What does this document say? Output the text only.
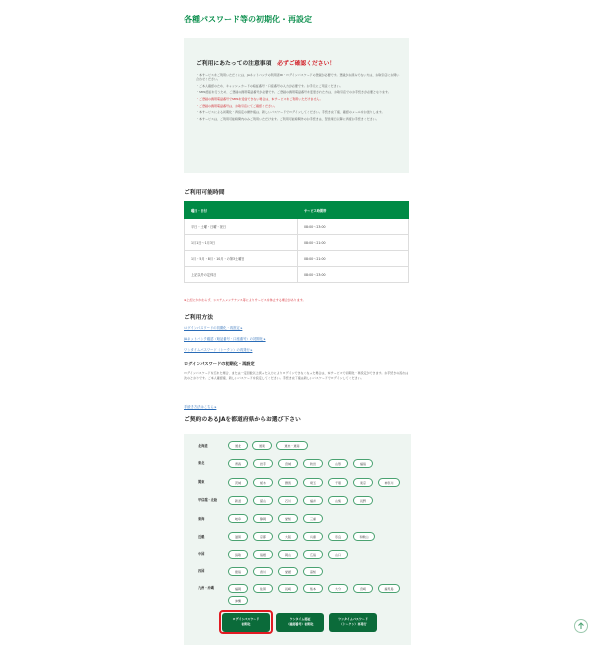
各種パスワード等の初期化・再設定
ご利用にあたっての注意事項　 必ずご確認ください！
・本サービスをご利用いただくには、JAネットバンクの利用者ID・ログインパスワードの登録が必要です。登録がお済みでない方は、お取引店にお問い合わせください。
・ご本人確認のため、キャッシュカードの暗証番号・口座番号の入力が必要です。お手元にご用意ください。
・SMS認証を行うため、ご登録の携帯電話番号が必要です。ご登録の携帯電話番号を変更された方は、お取引店でのお手続きが必要となります。
・ご登録の携帯電話番号でSMSを受信できない場合は、本サービスをご利用いただけません。
・ご登録の携帯電話番号は、お取引店にてご確認ください。
・本サービスによる初期化・再設定の操作後は、新しいパスワードでログインしてください。手続き完了後、確認のメールをお送りします。
・本サービスは、ご利用可能時間内のみご利用いただけます。ご利用可能時間外のお手続きは、翌営業日以降に再度お手続きください。
ご利用可能時間
曜日・日付	サービス時間帯
平日・土曜・日曜・祝日	08:00〜23:00
1月1日〜1月3日	08:00〜21:00
1月・5月・8月・10月・の第3土曜日	08:00〜21:00
上記以外の定休日	08:00〜23:00
※上記にかかわらず、システムメンテナンス等によりサービスを休止する場合があります。
ご利用方法
ログインパスワードの初期化・再設定 ▸
JAネットバンク確認（暗証番号・口座番号）の初期化 ▸
ワンタイムパスワード（トークン）の再発行 ▸
ログインパスワードの初期化・再設定
ログインパスワードを忘れた場合、または一定回数以上誤った入力によりログインできなくなった場合は、本サービスで初期化・再設定ができます。お手続きの流れは次のとおりです。ご本人確認後、新しいパスワードを設定してください。手続き完了後は新しいパスワードでログインしてください。
手続き方法はこちら ▸
ご契約のあるJAを都道府県からお選び下さい
北海道	道北	道東	道央・道南
東北	青森	岩手	宮城	秋田	山形	福島
関東	茨城	栃木	群馬	埼玉	千葉	東京	神奈川
甲信越・北陸	新潟	富山	石川	福井	山梨	長野
東海	岐阜	静岡	愛知	三重
近畿	滋賀	京都	大阪	兵庫	奈良	和歌山
中国	鳥取	島根	岡山	広島	山口
四国	徳島	香川	愛媛	高知
九州・沖縄	福岡	佐賀	長崎	熊本	大分	宮崎	鹿児島
沖縄
ログインパスワード
初期化
ワンタイム認証
（確認番号）初期化
ワンタイムパスワード
（トークン）再発行
